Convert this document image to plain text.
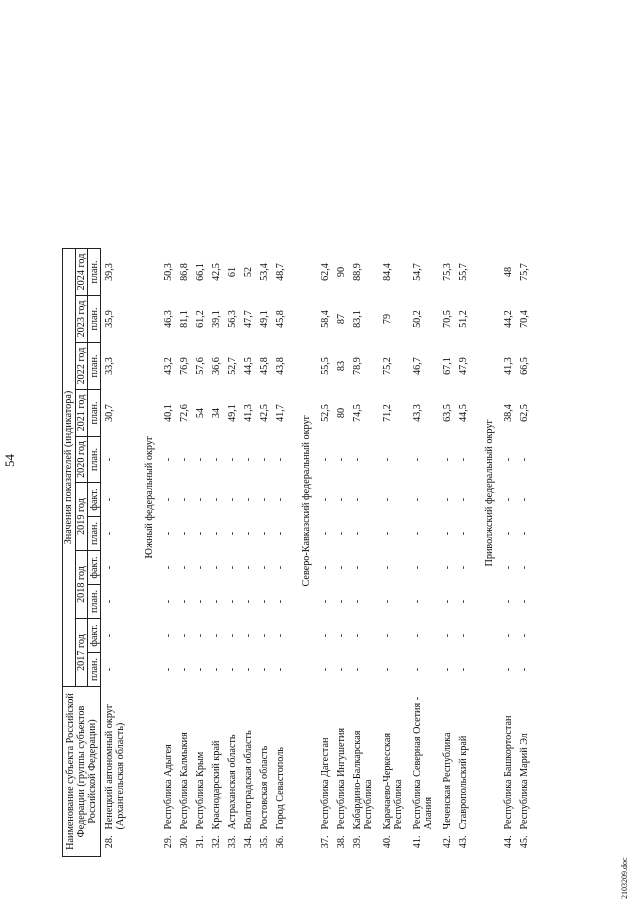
54
Наименование субъекта Российской Федерации (группы субъектов Российской Федерации)		Значения показателей (индикатора)										
		2017 год		2018 год		2019 год		2020 год	2021 год	2022 год	2023 год	2024 год
		план.	факт.	план.	факт.	план.	факт.	план.	план.	план.	план.	план.
28.	Ненецкий автономный округ (Архангельская область)	-	-	-	-	-	-	-	30,7	33,3	35,9	39,3

		Южный федеральный округ										
29.	Республика Адыгея	-	-	-	-	-	-	-	40,1	43,2	46,3	50,3
30.	Республика Калмыкия	-	-	-	-	-	-	-	72,6	76,9	81,1	86,8
31.	Республика Крым	-	-	-	-	-	-	-	54	57,6	61,2	66,1
32.	Краснодарский край	-	-	-	-	-	-	-	34	36,6	39,1	42,5
33.	Астраханская область	-	-	-	-	-	-	-	49,1	52,7	56,3	61
34.	Волгоградская область	-	-	-	-	-	-	-	41,3	44,5	47,7	52
35.	Ростовская область	-	-	-	-	-	-	-	42,5	45,8	49,1	53,4
36.	Город Севастополь	-	-	-	-	-	-	-	41,7	43,8	45,8	48,7

		Северо-Кавказский федеральный округ										
37.	Республика Дагестан	-	-	-	-	-	-	-	52,5	55,5	58,4	62,4
38.	Республика Ингушетия	-	-	-	-	-	-	-	80	83	87	90
39.	Кабардино-Балкарская Республика	-	-	-	-	-	-	-	74,5	78,9	83,1	88,9
40.	Карачаево-Черкесская Республика	-	-	-	-	-	-	-	71,2	75,2	79	84,4
41.	Республика Северная Осетия - Алания	-	-	-	-	-	-	-	43,3	46,7	50,2	54,7
42.	Чеченская Республика	-	-	-	-	-	-	-	63,5	67,1	70,5	75,3
43.	Ставропольский край	-	-	-	-	-	-	-	44,5	47,9	51,2	55,7

		Приволжский федеральный округ										
44.	Республика Башкортостан	-	-	-	-	-	-	-	38,4	41,3	44,2	48
45.	Республика Марий Эл	-	-	-	-	-	-	-	62,5	66,5	70,4	75,7
2103209.doc
